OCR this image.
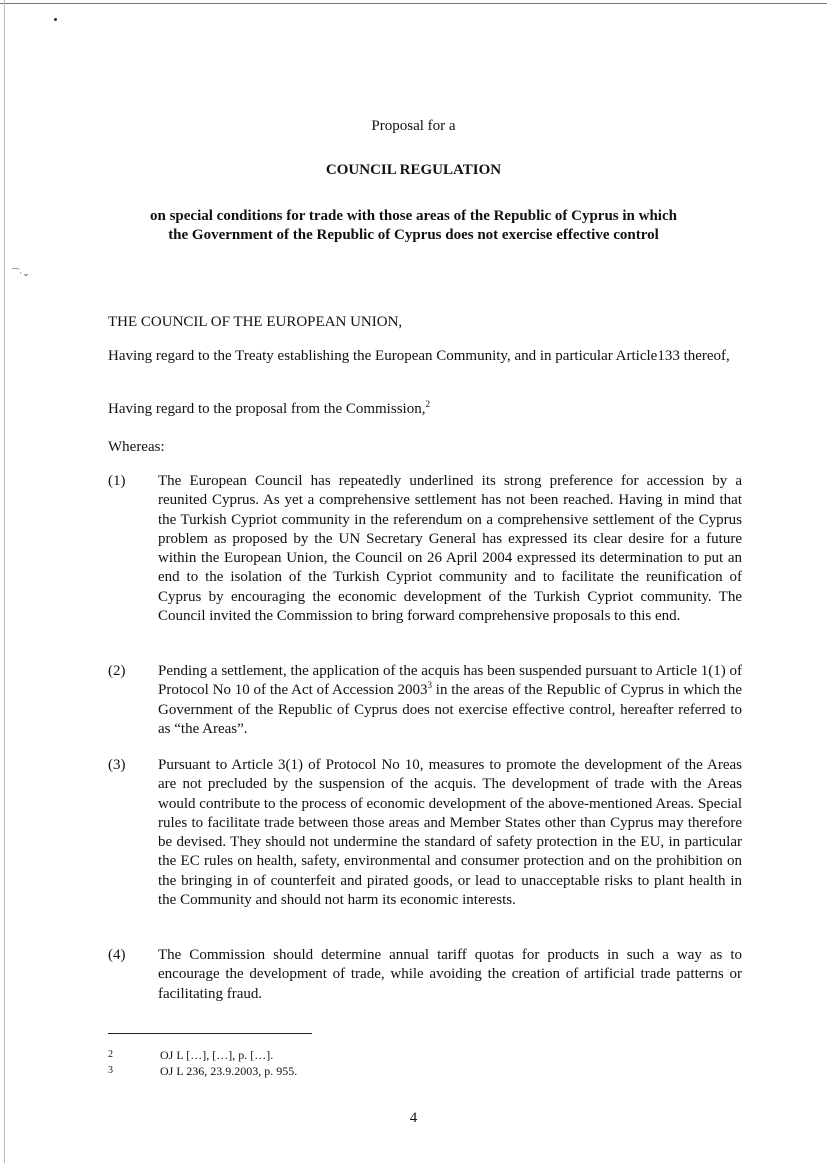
⁀·⌄
Proposal for a
COUNCIL REGULATION
on special conditions for trade with those areas of the Republic of Cyprus in which
the Government of the Republic of Cyprus does not exercise effective control
THE COUNCIL OF THE EUROPEAN UNION,
Having regard to the Treaty establishing the European Community, and in particular Article133 thereof,
Having regard to the proposal from the Commission,$^2$
Whereas:
(1) The European Council has repeatedly underlined its strong preference for accession by a reunited Cyprus. As yet a comprehensive settlement has not been reached. Having in mind that the Turkish Cypriot community in the referendum on a comprehensive settlement of the Cyprus problem as proposed by the UN Secretary General has expressed its clear desire for a future within the European Union, the Council on 26 April 2004 expressed its determination to put an end to the isolation of the Turkish Cypriot community and to facilitate the reunification of Cyprus by encouraging the economic development of the Turkish Cypriot community. The Council invited the Commission to bring forward comprehensive proposals to this end.
(2) Pending a settlement, the application of the acquis has been suspended pursuant to Article 1(1) of Protocol No 10 of the Act of Accession 2003$^3$ in the areas of the Republic of Cyprus in which the Government of the Republic of Cyprus does not exercise effective control, hereafter referred to as “the Areas”.
(3) Pursuant to Article 3(1) of Protocol No 10, measures to promote the development of the Areas are not precluded by the suspension of the acquis. The development of trade with the Areas would contribute to the process of economic development of the above-mentioned Areas. Special rules to facilitate trade between those areas and Member States other than Cyprus may therefore be devised. They should not undermine the standard of safety protection in the EU, in particular the EC rules on health, safety, environmental and consumer protection and on the prohibition on the bringing in of counterfeit and pirated goods, or lead to unacceptable risks to plant health in the Community and should not harm its economic interests.
(4) The Commission should determine annual tariff quotas for products in such a way as to encourage the development of trade, while avoiding the creation of artificial trade patterns or facilitating fraud.
2	OJ L […], […], p. […].
3	OJ L 236, 23.9.2003, p. 955.
4
